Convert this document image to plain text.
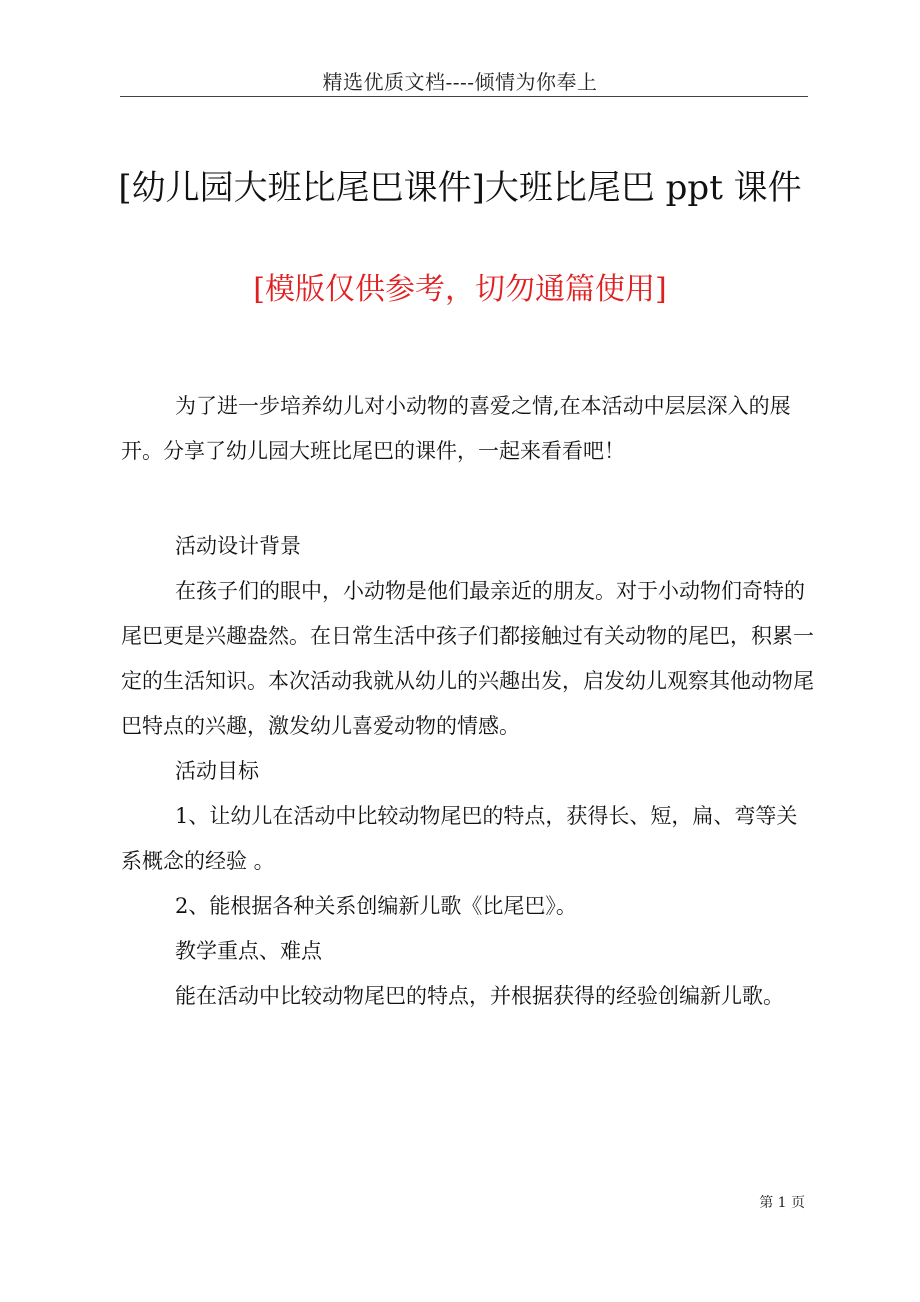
精选优质文档----倾情为你奉上
[幼儿园大班比尾巴课件]大班比尾巴 ppt 课件
[模版仅供参考，切勿通篇使用]

为了进一步培养幼儿对小动物的喜爱之情,在本活动中层层深入的展开。分享了幼儿园大班比尾巴的课件，一起来看看吧！

活动设计背景

在孩子们的眼中，小动物是他们最亲近的朋友。对于小动物们奇特的尾巴更是兴趣盎然。在日常生活中孩子们都接触过有关动物的尾巴，积累一定的生活知识。本次活动我就从幼儿的兴趣出发，启发幼儿观察其他动物尾巴特点的兴趣，激发幼儿喜爱动物的情感。

活动目标

1、让幼儿在活动中比较动物尾巴的特点，获得长、短，扁、弯等关系概念的经验 。

2、能根据各种关系创编新儿歌《比尾巴》。

教学重点、难点

能在活动中比较动物尾巴的特点，并根据获得的经验创编新儿歌。

第 1 页
